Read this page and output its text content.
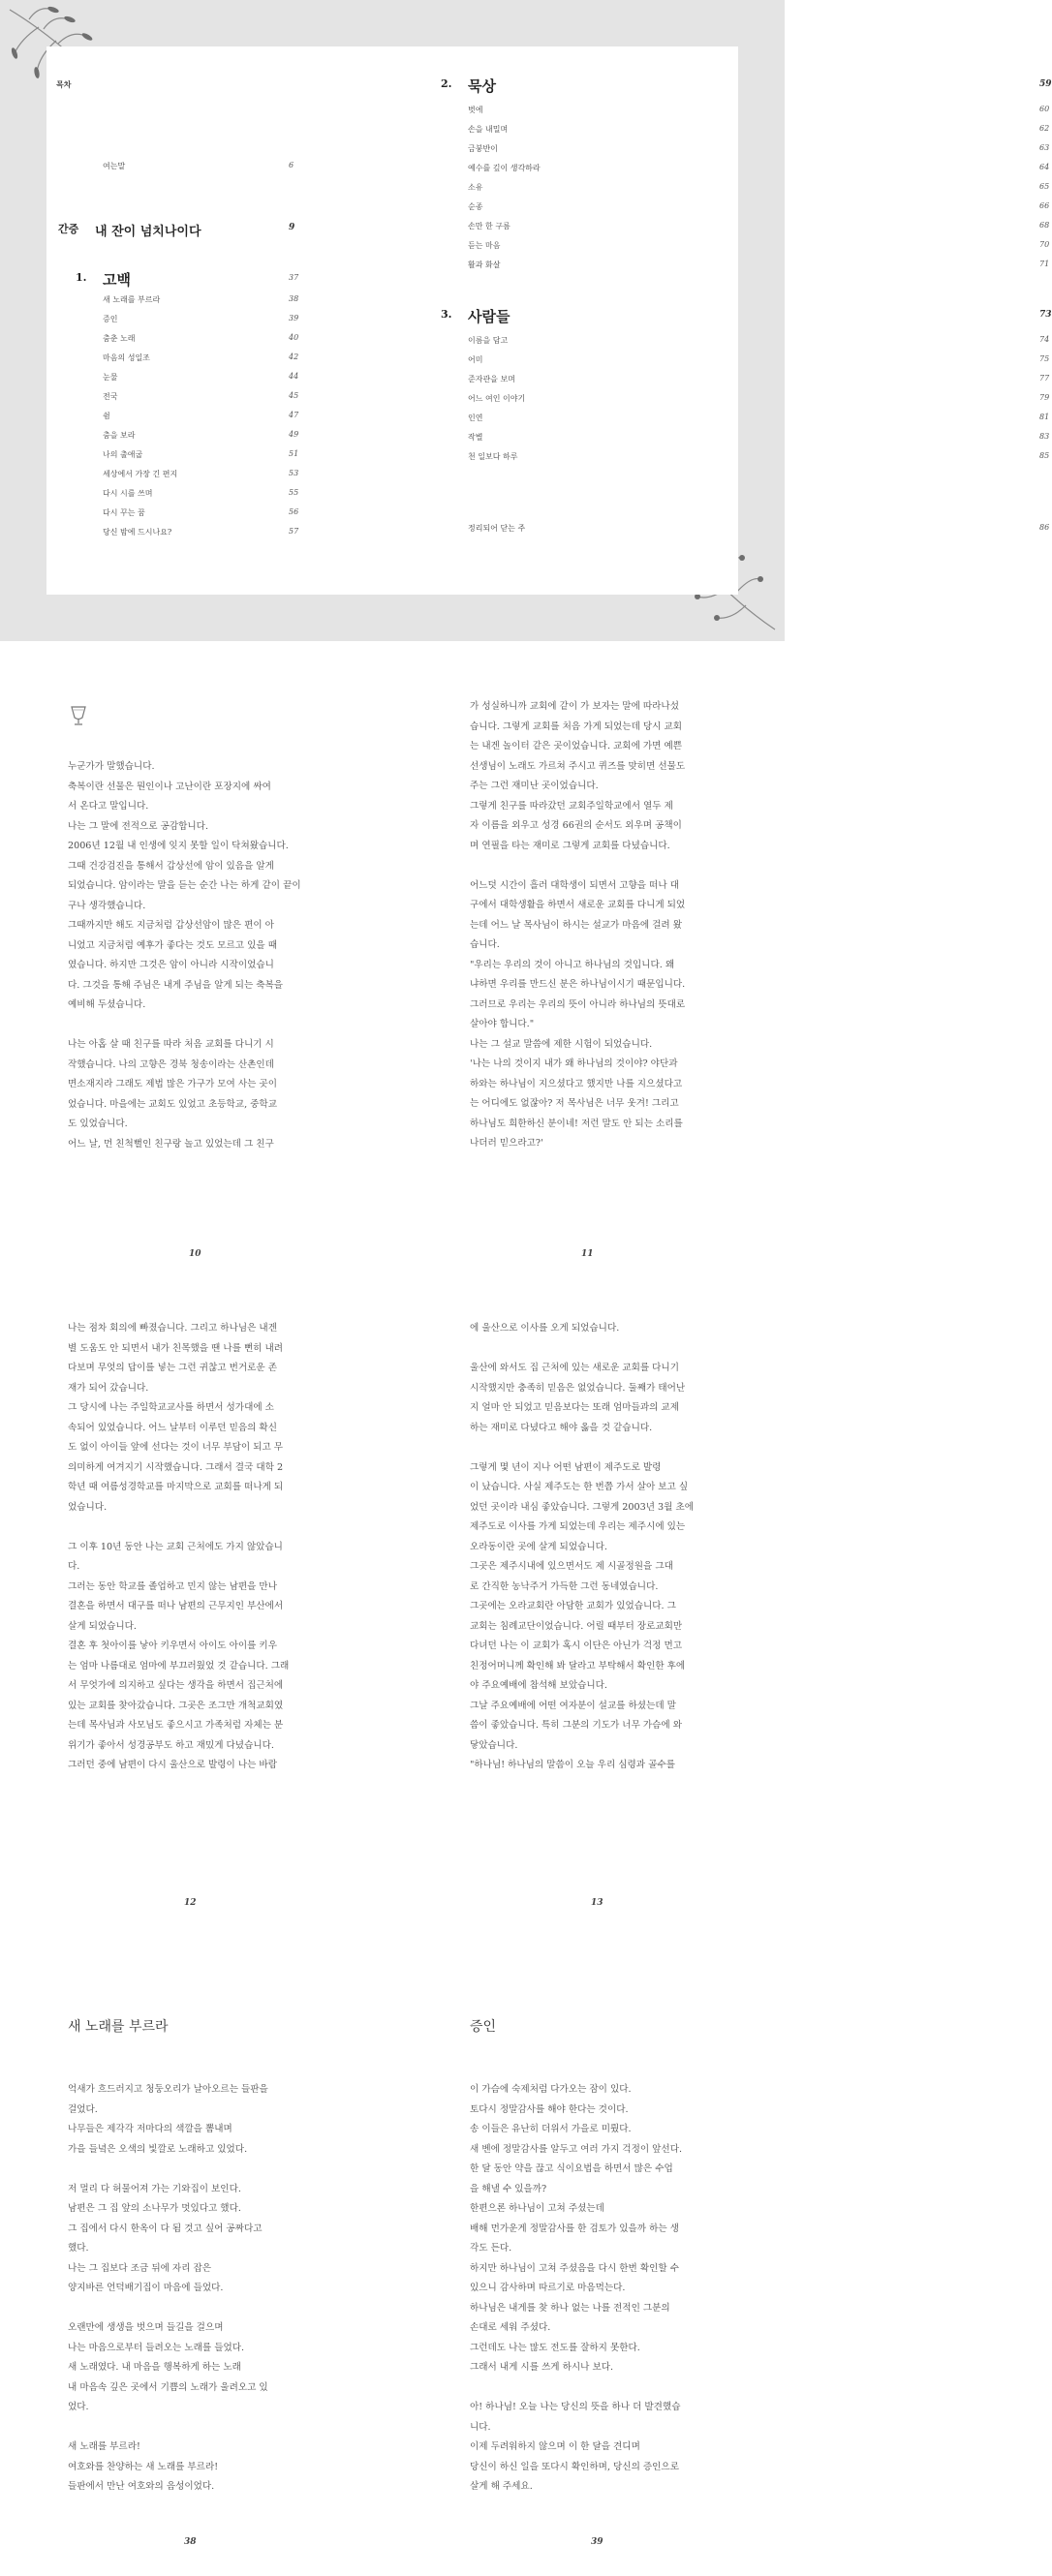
목차
여는말	6
간증 내 잔이 넘치나이다	9
1. 고백	37
새 노래를 부르라	38
증인	39
춤춘 노래	40
마음의 성일조	42
눈물	44
전국	45
쉼	47
춤을 보라	49
나의 출애굽	51
세상에서 가장 긴 편지	53
다시 시를 쓰며	55
다시 꾸는 꿈	56
당신 밤에 드시나요?	57
2. 묵상	59
벗에	60
손을 내밀며	62
금붕반이	63
예수를 깊이 생각하라	64
소유	65
순종	66
손만 한 구름	68
듣는 마음	70
활과 화살	71
3. 사람들	73
이름을 담고	74
어미	75
준자관을 보며	77
어느 여인 이야기	79
인연	81
작별	83
천 일보다 하루	85
정리되어 닫는 주	86

누군가가 말했습니다.

축복이란 선물은 뭔인이나 고난이란 포장지에 싸여

서 온다고 말입니다.

나는 그 말에 전적으로 공감합니다.

2006년 12월 내 인생에 잊지 못할 일이 닥쳐왔습니다.

그때 건강검진을 통해서 갑상선에 암이 있음을 알게

되었습니다. 암이라는 말을 듣는 순간 나는 하게 같이 끝이

구나 생각했습니다.

그때까지만 해도 지금처럼 갑상선암이 많은 편이 아

니었고 지금처럼 예후가 좋다는 것도 모르고 있을 때

였습니다. 하지만 그것은 암이 아니라 시작이었습니

다. 그것을 통해 주님은 내게 주님을 알게 되는 축복을

예비해 두셨습니다.

나는 아홉 살 때 친구를 따라 처음 교회를 다니기 시

작했습니다. 나의 고향은 경북 청송이라는 산촌인데

면소재지라 그래도 제법 많은 가구가 모여 사는 곳이

었습니다. 마을에는 교회도 있었고 초등학교, 중학교

도 있었습니다.

어느 날, 먼 친척뻘인 친구랑 놀고 있었는데 그 친구

10

가 성실하니까 교회에 같이 가 보자는 말에 따라나섰

습니다. 그렇게 교회를 처음 가게 되었는데 당시 교회

는 내겐 놀이터 같은 곳이었습니다. 교회에 가면 예쁜

선생님이 노래도 가르쳐 주시고 퀴즈를 맞히면 선물도

주는 그런 재미난 곳이었습니다.

그렇게 친구를 따라갔던 교회주일학교에서 열두 제

자 이름을 외우고 성경 66권의 순서도 외우며 공책이

며 연필을 타는 재미로 그렇게 교회를 다녔습니다.

어느덧 시간이 흘러 대학생이 되면서 고향을 떠나 대

구에서 대학생활을 하면서 새로운 교회를 다니게 되었

는데 어느 날 목사님이 하시는 설교가 마음에 걸려 왔

습니다.

"우리는 우리의 것이 아니고 하나님의 것입니다. 왜

냐하면 우리를 만드신 분은 하나님이시기 때문입니다.

그러므로 우리는 우리의 뜻이 아니라 하나님의 뜻대로

살아야 합니다."

나는 그 설교 말씀에 제한 시험이 되었습니다.

'나는 나의 것이지 내가 왜 하나님의 것이야? 야단과

하와는 하나님이 지으셨다고 했지만 나를 지으셨다고

는 어디에도 없잖아? 저 목사님은 너무 웃겨! 그리고

하나님도 희한하신 분이네! 저런 말도 안 되는 소리를

나더러 믿으라고?'

11

나는 점차 회의에 빠졌습니다. 그리고 하나님은 내겐

별 도움도 안 되면서 내가 친목했을 땐 나를 뻔히 내려

다보며 무엇의 답이를 넣는 그런 귀찮고 번거로운 존

재가 되어 갔습니다.

그 당시에 나는 주일학교교사를 하면서 성가대에 소

속되어 있었습니다. 어느 날부터 이루던 믿음의 확신

도 없이 아이들 앞에 선다는 것이 너무 부담이 되고 무

의미하게 여겨지기 시작했습니다. 그래서 결국 대학 2

학년 때 여름성경학교를 마지막으로 교회를 떠나게 되

었습니다.

그 이후 10년 동안 나는 교회 근처에도 가지 않았습니

다.

그러는 동안 학교를 졸업하고 민지 않는 남편을 만나

결혼을 하면서 대구를 떠나 남편의 근무지인 부산에서

살게 되었습니다.

결혼 후 첫아이를 낳아 키우면서 아이도 아이를 키우

는 엄마 나름대로 엄마에 부끄러웠었 것 같습니다. 그래

서 무엇가에 의지하고 싶다는 생각을 하면서 집근처에

있는 교회를 찾아갔습니다. 그곳은 조그만 개척교회였

는데 목사님과 사모님도 좋으시고 가족처럼 자체는 분

위기가 좋아서 성경공부도 하고 재밌게 다녔습니다.

그러던 중에 남편이 다시 울산으로 발령이 나는 바람

12

에 울산으로 이사를 오게 되었습니다.

울산에 와서도 집 근처에 있는 새로운 교회를 다니기

시작했지만 충족히 믿음은 없었습니다. 둘째가 태어난

지 얼마 안 되었고 믿음보다는 또래 엄마들과의 교제

하는 재미로 다녔다고 해야 옳을 것 같습니다.

그렇게 몇 년이 지나 어떤 남편이 제주도로 발령

이 났습니다. 사실 제주도는 한 번쯤 가서 살아 보고 싶

었던 곳이라 내심 좋았습니다. 그렇게 2003년 3월 초에

제주도로 이사를 가게 되었는데 우리는 제주시에 있는

오라동이란 곳에 살게 되었습니다.

그곳은 제주시내에 있으면서도 제 시골정원을 그대

로 간직한 농낙주거 가득한 그런 동네였습니다.

그곳에는 오라교회란 아담한 교회가 있었습니다. 그

교회는 침례교단이었습니다. 어릴 때부터 장로교회만

다녀던 나는 이 교회가 혹시 이단은 아닌가 걱정 먼고

친정어머니께 확인해 봐 달라고 부탁해서 확인한 후에

야 주요예배에 참석해 보았습니다.

그날 주요예배에 어떤 여자분이 설교를 하셨는데 말

씀이 좋았습니다. 특히 그분의 기도가 너무 가슴에 와

닿았습니다.

"하나님! 하나님의 말씀이 오늘 우리 심령과 골수를

13
새 노래를 부르라

억새가 흐드러지고 청둥오리가 날아오르는 들판을

걸었다.

나무들은 제각각 저마다의 색깔을 뽐내며

가을 들녘은 오색의 빛깔로 노래하고 있었다.

저 멀리 다 허물어져 가는 기와집이 보인다.

남편은 그 집 앞의 소나무가 멋있다고 했다.

그 집에서 다시 한옥이 다 됨 것고 싶어 공짜다고

했다.

나는 그 집보다 조금 뒤에 자리 잡은

양지바른 언덕배기집이 마음에 들었다.

오랜만에 생생을 벗으며 들길을 걸으며

나는 마음으로부터 들려오는 노래를 들었다.

새 노래였다. 내 마음을 행복하게 하는 노래

내 마음속 깊은 곳에서 기쁨의 노래가 울려오고 있

었다.

새 노래를 부르라!

여호와를 찬양하는 새 노래를 부르라!

들판에서 만난 여호와의 음성이었다.

38
증인

이 가슴에 숙제처럼 다가오는 잠이 있다.

토다시 정말감사를 해야 한다는 것이다.

송 이들은 유난히 더위서 가을로 미뤘다.

새 벤에 정말감사를 알두고 여러 가지 걱정이 앞선다.

한 달 동안 약을 끊고 식이요법을 하면서 많은 수업

을 해낼 수 있을까?

한편으론 하나님이 고쳐 주셨는데

배해 먼가운게 정말감사를 한 검토가 있을까 하는 생

각도 든다.

하지만 하나님이 고쳐 주셨음을 다시 한번 확인할 수

있으니 감사하며 따르기로 마음먹는다.

하나님은 내게를 찾 하나 없는 나를 전적인 그분의

손대로 세워 주셨다.

그런데도 나는 많도 전도를 잘하지 못한다.

그래서 내게 시를 쓰게 하시나 보다.

아! 하나님! 오늘 나는 당신의 뜻을 하나 더 발견했습

니다.

이제 두려워하지 않으며 이 한 달을 견디며

당신이 하신 일을 또다시 확인하며, 당신의 증인으로

살게 해 주세요.

39
